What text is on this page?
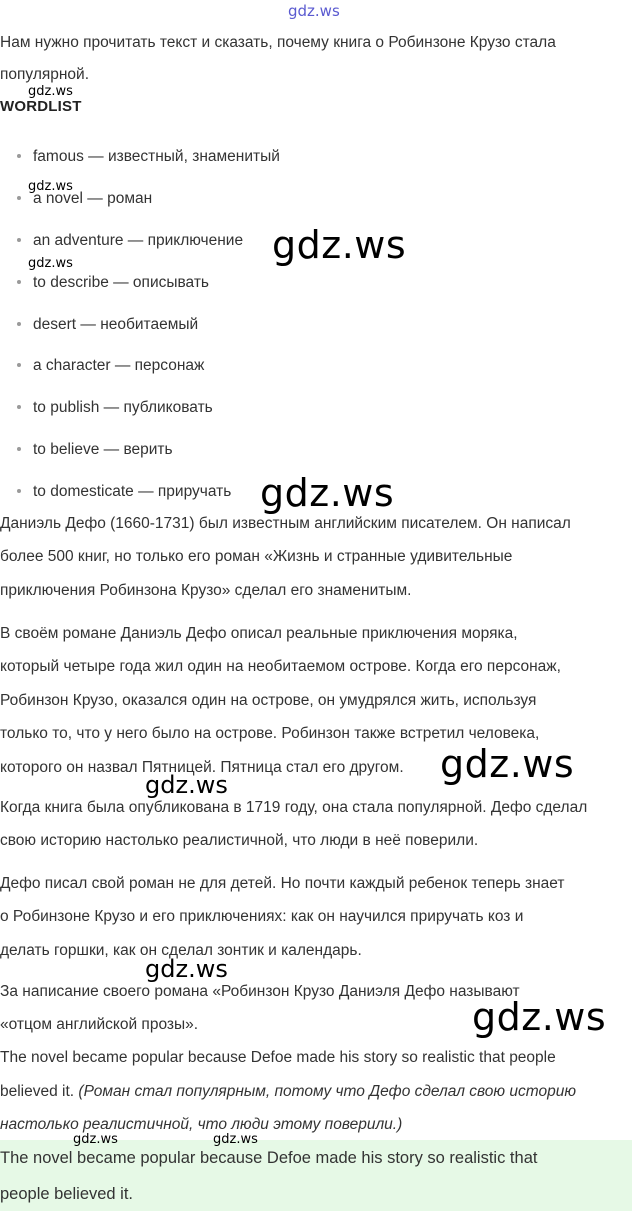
gdz.ws
gdz.ws
gdz.ws
gdz.ws	gdz.ws
gdz.ws
gdz.ws
gdz.ws
gdz.ws
gdz.ws

Нам нужно прочитать текст и сказать, почему книга о Робинзоне Крузо стала

популярной.

WORDLIST
famous — известный, знаменитый
a novel — роман
an adventure — приключение
to describe — описывать
desert — необитаемый
a character — персонаж
to publish — публиковать
to believe — верить
to domesticate — приручать

Даниэль Дефо (1660-1731) был известным английским писателем. Он написал

более 500 книг, но только его роман «Жизнь и странные удивительные

приключения Робинзона Крузо» сделал его знаменитым.

В своём романе Даниэль Дефо описал реальные приключения моряка,

который четыре года жил один на необитаемом острове. Когда его персонаж,

Робинзон Крузо, оказался один на острове, он умудрялся жить, используя

только то, что у него было на острове. Робинзон также встретил человека,

которого он назвал Пятницей. Пятница стал его другом.

Когда книга была опубликована в 1719 году, она стала популярной. Дефо сделал

свою историю настолько реалистичной, что люди в неё поверили.

Дефо писал свой роман не для детей. Но почти каждый ребенок теперь знает

о Робинзоне Крузо и его приключениях: как он научился приручать коз и

делать горшки, как он сделал зонтик и календарь.

За написание своего романа «Робинзон Крузо Даниэля Дефо называют

«отцом английской прозы».

The novel became popular because Defoe made his story so realistic that people

believed it. (Роман стал популярным, потому что Дефо сделал свою историю

настолько реалистичной, что люди этому поверили.)

The novel became popular because Defoe made his story so realistic that
people believed it.
gdz.ws	gdz.ws
